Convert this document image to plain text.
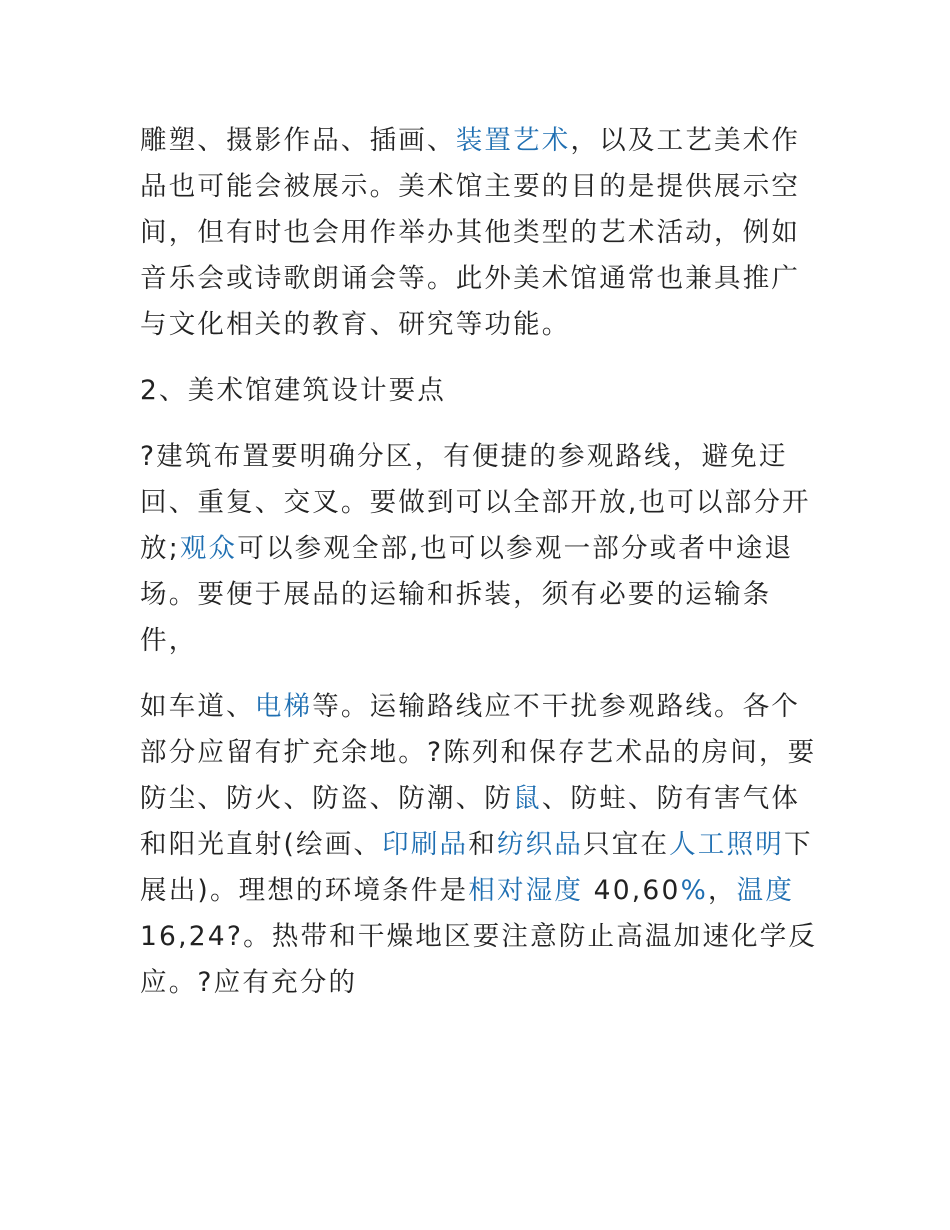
雕塑、摄影作品、插画、装置艺术，以及工艺美术作品也可能会被展示。美术馆主要的目的是提供展示空间，但有时也会用作举办其他类型的艺术活动，例如音乐会或诗歌朗诵会等。此外美术馆通常也兼具推广与文化相关的教育、研究等功能。

2、美术馆建筑设计要点

?建筑布置要明确分区，有便捷的参观路线，避免迂回、重复、交叉。要做到可以全部开放,也可以部分开放;观众可以参观全部,也可以参观一部分或者中途退场。要便于展品的运输和拆装，须有必要的运输条件，

如车道、电梯等。运输路线应不干扰参观路线。各个部分应留有扩充余地。?陈列和保存艺术品的房间，要防尘、防火、防盗、防潮、防鼠、防蛀、防有害气体和阳光直射(绘画、印刷品和纺织品只宜在人工照明下展出)。理想的环境条件是相对湿度 40,60%，温度 16,24?。热带和干燥地区要注意防止高温加速化学反应。?应有充分的
